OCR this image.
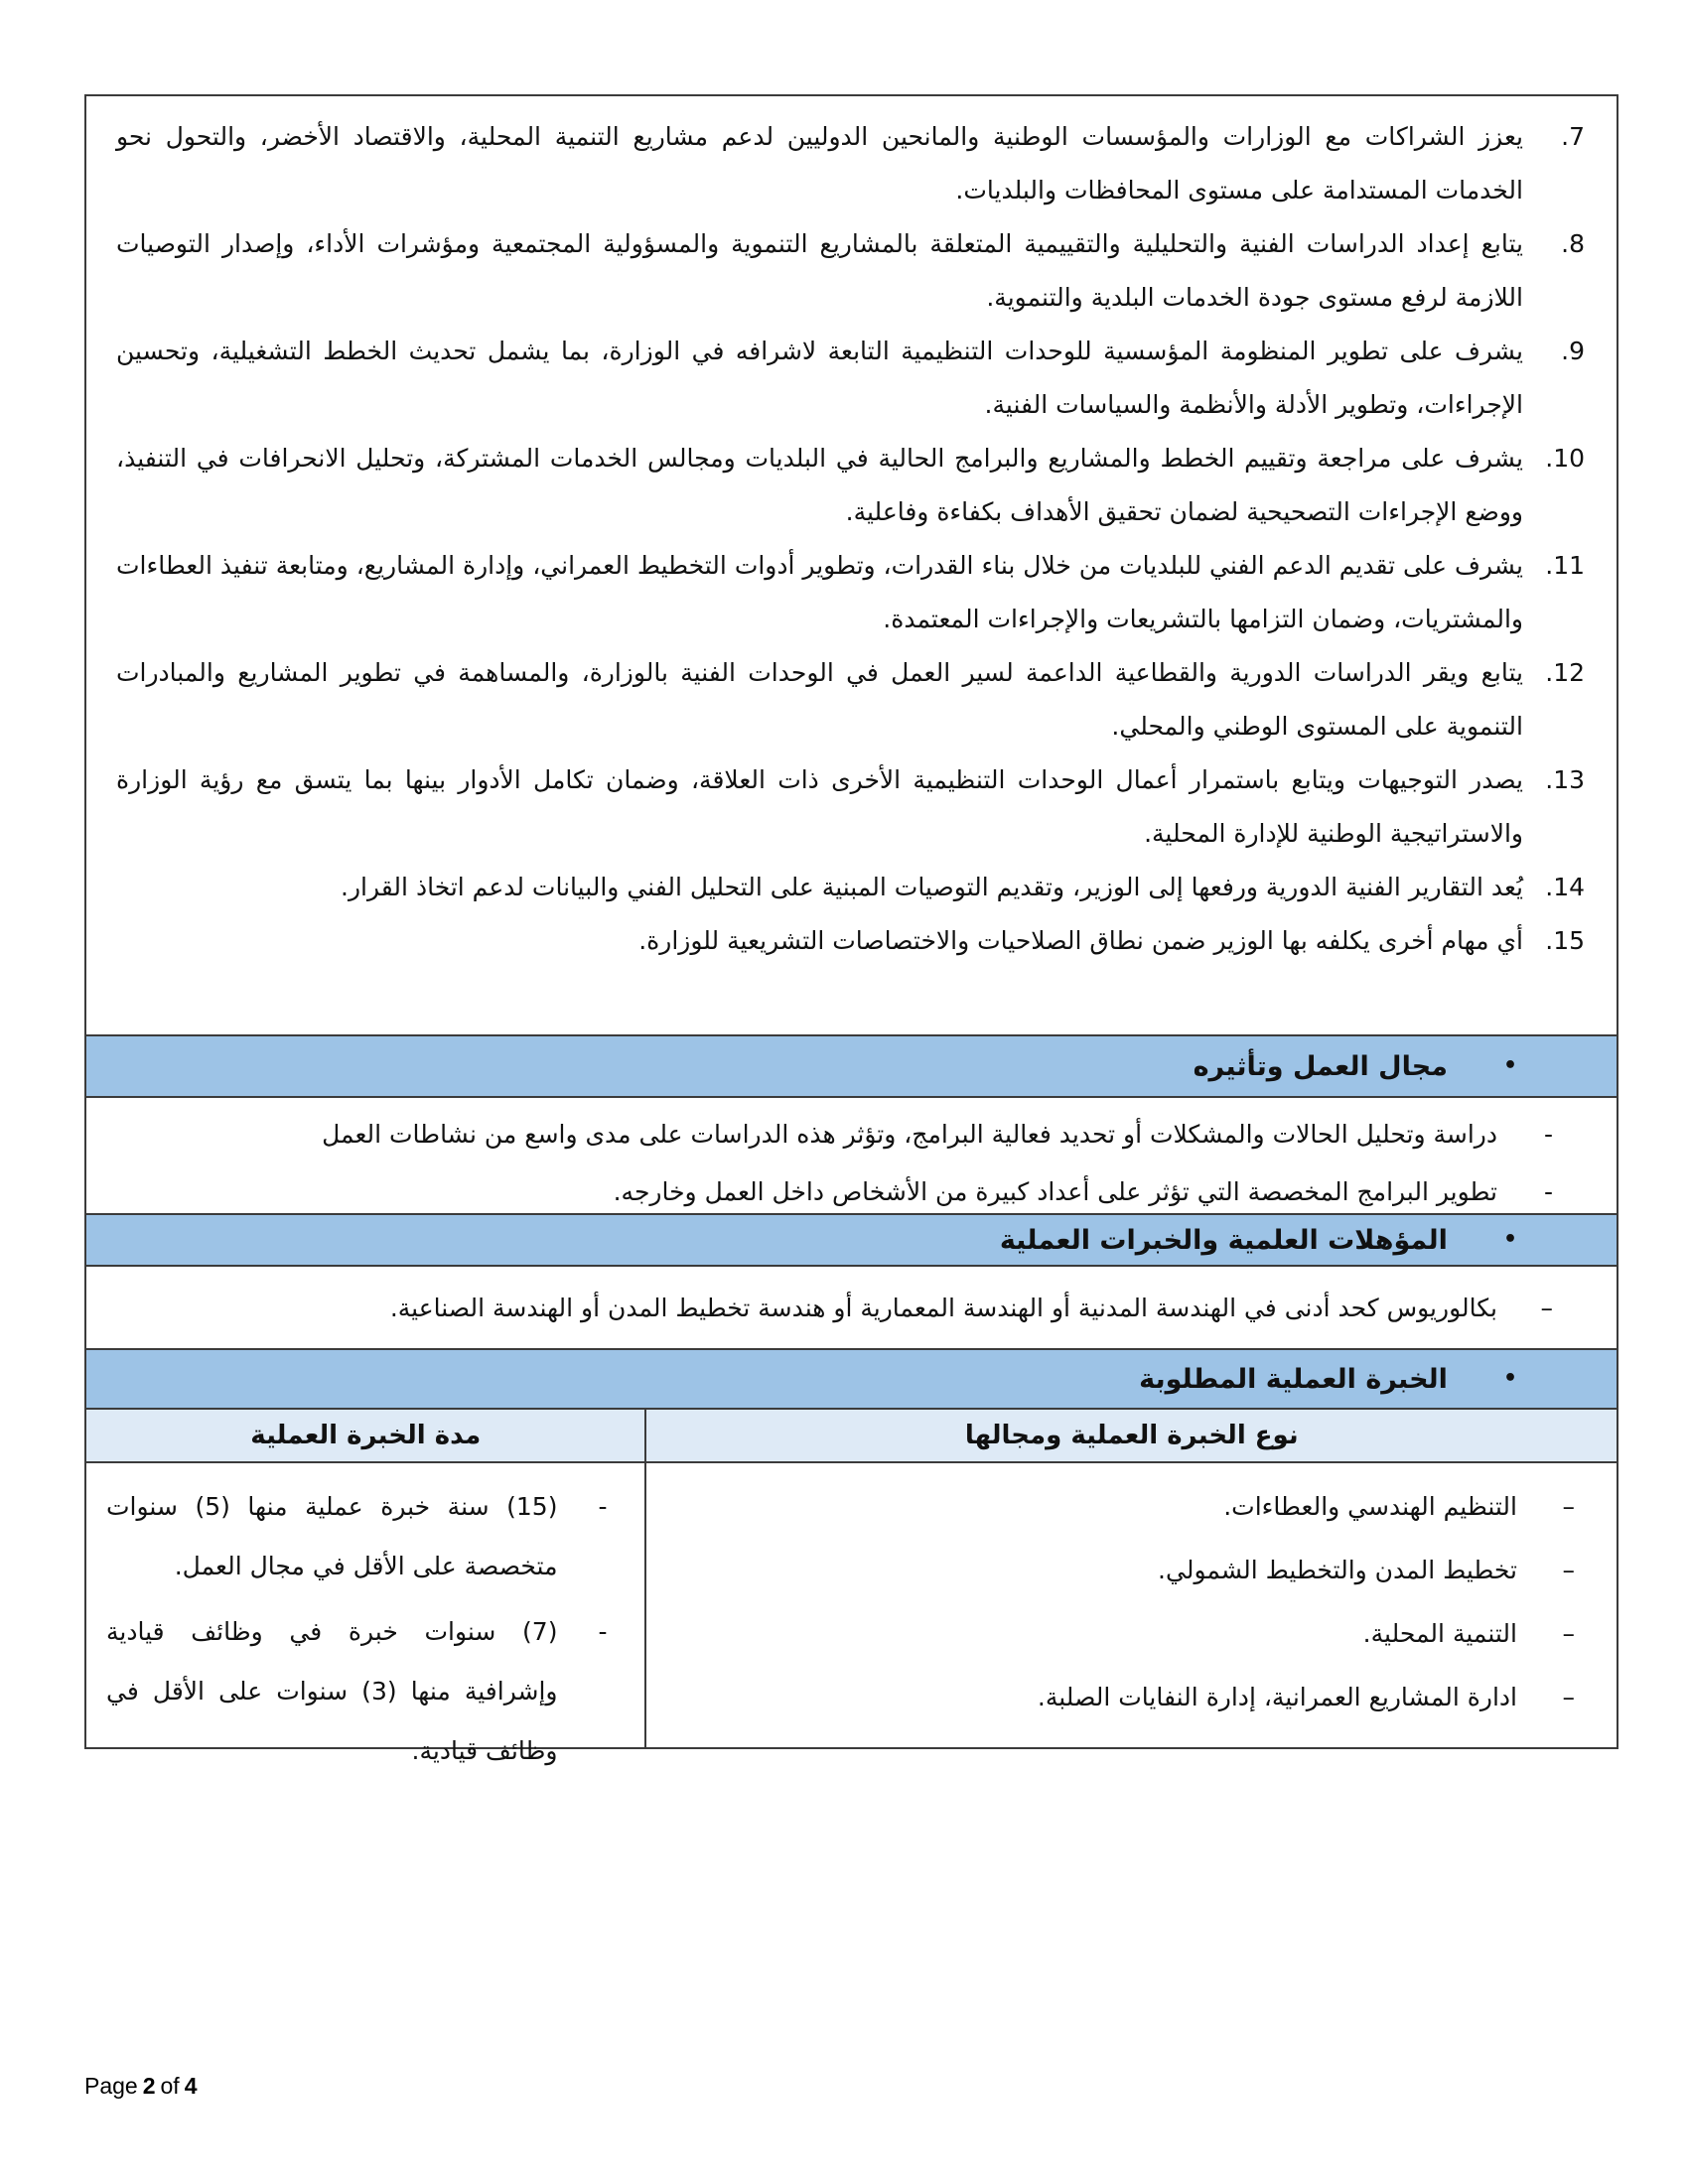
7.
يعزز الشراكات مع الوزارات والمؤسسات الوطنية والمانحين الدوليين لدعم مشاريع التنمية المحلية، والاقتصاد الأخضر، والتحول نحو الخدمات المستدامة على مستوى المحافظات والبلديات.
8.
يتابع إعداد الدراسات الفنية والتحليلية والتقييمية المتعلقة بالمشاريع التنموية والمسؤولية المجتمعية ومؤشرات الأداء، وإصدار التوصيات اللازمة لرفع مستوى جودة الخدمات البلدية والتنموية.
9.
يشرف على تطوير المنظومة المؤسسية للوحدات التنظيمية التابعة لاشرافه في الوزارة، بما يشمل تحديث الخطط التشغيلية، وتحسين الإجراءات، وتطوير الأدلة والأنظمة والسياسات الفنية.
10.
يشرف على مراجعة وتقييم الخطط والمشاريع والبرامج الحالية في البلديات ومجالس الخدمات المشتركة، وتحليل الانحرافات في التنفيذ، ووضع الإجراءات التصحيحية لضمان تحقيق الأهداف بكفاءة وفاعلية.
11.
يشرف على تقديم الدعم الفني للبلديات من خلال بناء القدرات، وتطوير أدوات التخطيط العمراني، وإدارة المشاريع، ومتابعة تنفيذ العطاءات والمشتريات، وضمان التزامها بالتشريعات والإجراءات المعتمدة.
12.
يتابع ويقر الدراسات الدورية والقطاعية الداعمة لسير العمل في الوحدات الفنية بالوزارة، والمساهمة في تطوير المشاريع والمبادرات التنموية على المستوى الوطني والمحلي.
13.
يصدر التوجيهات ويتابع باستمرار أعمال الوحدات التنظيمية الأخرى ذات العلاقة، وضمان تكامل الأدوار بينها بما يتسق مع رؤية الوزارة والاستراتيجية الوطنية للإدارة المحلية.
14.
يُعد التقارير الفنية الدورية ورفعها إلى الوزير، وتقديم التوصيات المبنية على التحليل الفني والبيانات لدعم اتخاذ القرار.
15.
أي مهام أخرى يكلفه بها الوزير ضمن نطاق الصلاحيات والاختصاصات التشريعية للوزارة.
•
مجال العمل وتأثيره
-
دراسة وتحليل الحالات والمشكلات أو تحديد فعالية البرامج، وتؤثر هذه الدراسات على مدى واسع من نشاطات العمل
-
تطوير البرامج المخصصة التي تؤثر على أعداد كبيرة من الأشخاص داخل العمل وخارجه.
•
المؤهلات العلمية والخبرات العملية
–
بكالوريوس كحد أدنى في الهندسة المدنية أو الهندسة المعمارية أو هندسة تخطيط المدن أو الهندسة الصناعية.
•
الخبرة العملية المطلوبة
نوع الخبرة العملية ومجالها
مدة الخبرة العملية
–
التنظيم الهندسي والعطاءات.
–
تخطيط المدن والتخطيط الشمولي.
–
التنمية المحلية.
–
ادارة المشاريع العمرانية، إدارة النفايات الصلبة.
-
(15) سنة خبرة عملية منها (5) سنوات متخصصة على الأقل في مجال العمل.
-
(7) سنوات خبرة في وظائف قيادية وإشرافية منها (3) سنوات على الأقل في وظائف قيادية.
Page 2 of 4
